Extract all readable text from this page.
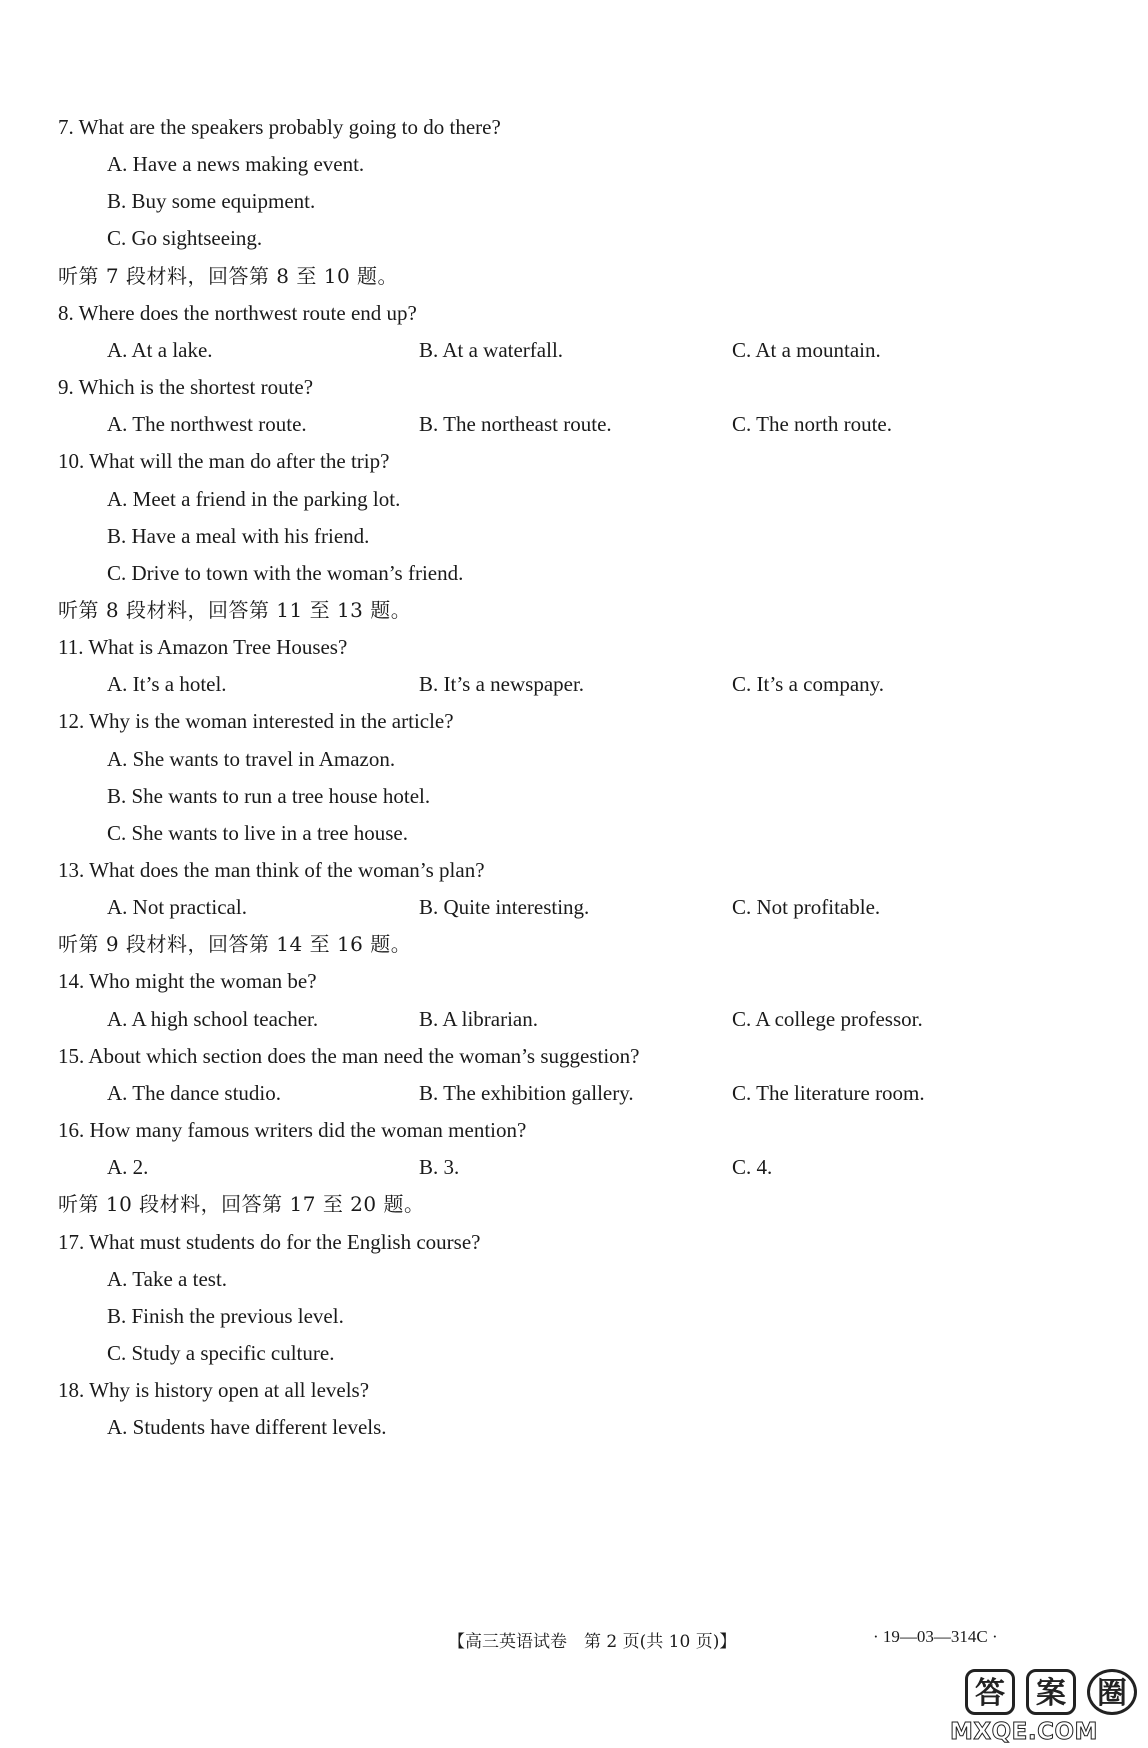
7. What are the speakers probably going to do there?
A. Have a news making event.
B. Buy some equipment.
C. Go sightseeing.
听第 7 段材料，回答第 8 至 10 题。
8. Where does the northwest route end up?
A. At a lake.	B. At a waterfall.	C. At a mountain.
9. Which is the shortest route?
A. The northwest route.	B. The northeast route.	C. The north route.
10. What will the man do after the trip?
A. Meet a friend in the parking lot.
B. Have a meal with his friend.
C. Drive to town with the woman’s friend.
听第 8 段材料，回答第 11 至 13 题。
11. What is Amazon Tree Houses?
A. It’s a hotel.	B. It’s a newspaper.	C. It’s a company.
12. Why is the woman interested in the article?
A. She wants to travel in Amazon.
B. She wants to run a tree house hotel.
C. She wants to live in a tree house.
13. What does the man think of the woman’s plan?
A. Not practical.	B. Quite interesting.	C. Not profitable.
听第 9 段材料，回答第 14 至 16 题。
14. Who might the woman be?
A. A high school teacher.	B. A librarian.	C. A college professor.
15. About which section does the man need the woman’s suggestion?
A. The dance studio.	B. The exhibition gallery.	C. The literature room.
16. How many famous writers did the woman mention?
A. 2.	B. 3.	C. 4.
听第 10 段材料，回答第 17 至 20 题。
17. What must students do for the English course?
A. Take a test.
B. Finish the previous level.
C. Study a specific culture.
18. Why is history open at all levels?
A. Students have different levels.
【高三英语试卷　第 2 页(共 10 页)】	· 19—03—314C ·
答	案	圈
MXQE.COM
